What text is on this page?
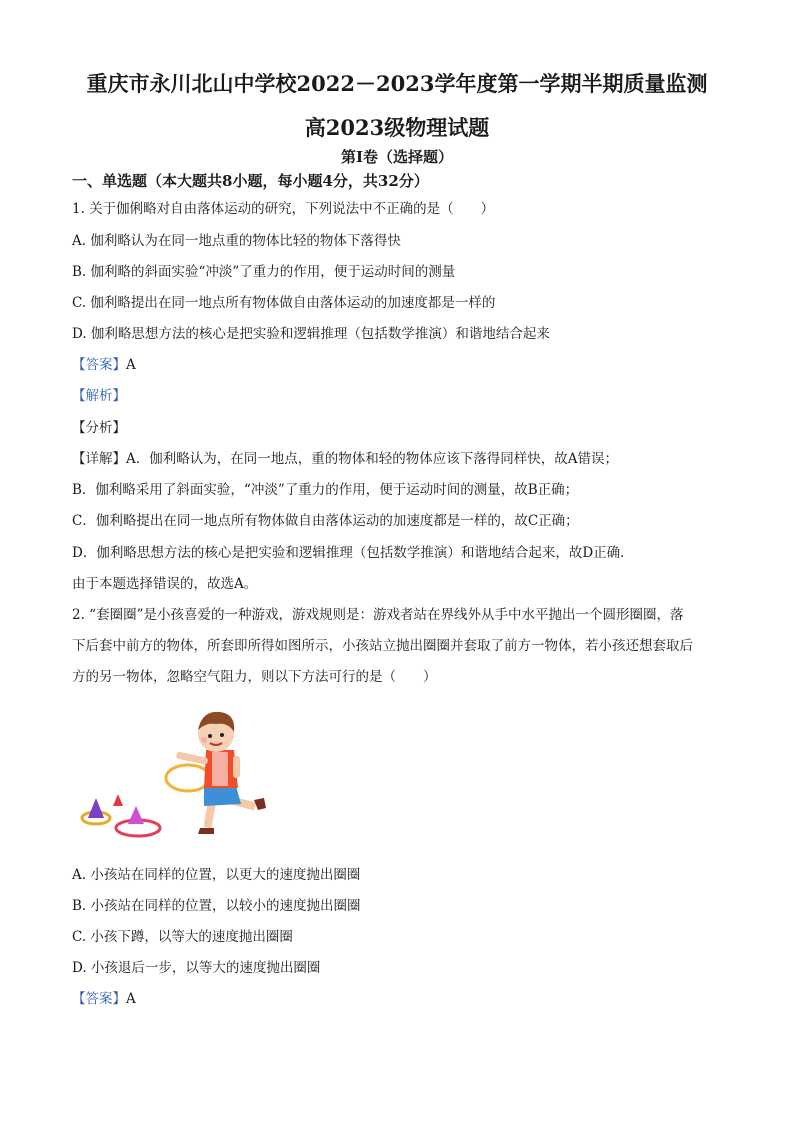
重庆市永川北山中学校2022－2023学年度第一学期半期质量监测
高2023级物理试题
第Ⅰ卷（选择题）
一、单选题（本大题共8小题，每小题4分，共32分）
1. 关于伽俐略对自由落体运动的研究，下列说法中不正确的是（　　）
A. 伽利略认为在同一地点重的物体比轻的物体下落得快
B. 伽利略的斜面实验“冲淡”了重力的作用，便于运动时间的测量
C. 伽利略提出在同一地点所有物体做自由落体运动的加速度都是一样的
D. 伽利略思想方法的核心是把实验和逻辑推理（包括数学推演）和谐地结合起来
【答案】A
【解析】
【分析】
【详解】A．伽利略认为，在同一地点，重的物体和轻的物体应该下落得同样快，故A错误；
B．伽利略采用了斜面实验，“冲淡”了重力的作用，便于运动时间的测量，故B正确；
C．伽利略提出在同一地点所有物体做自由落体运动的加速度都是一样的，故C正确；
D．伽利略思想方法的核心是把实验和逻辑推理（包括数学推演）和谐地结合起来，故D正确．
由于本题选择错误的，故选A。
2. “套圈圈”是小孩喜爱的一种游戏，游戏规则是：游戏者站在界线外从手中水平抛出一个圆形圈圈，落
下后套中前方的物体，所套即所得如图所示，小孩站立抛出圈圈并套取了前方一物体，若小孩还想套取后
方的另一物体，忽略空气阻力，则以下方法可行的是（　　）
A. 小孩站在同样的位置，以更大的速度抛出圈圈
B. 小孩站在同样的位置，以较小的速度抛出圈圈
C. 小孩下蹲，以等大的速度抛出圈圈
D. 小孩退后一步，以等大的速度抛出圈圈
【答案】A
